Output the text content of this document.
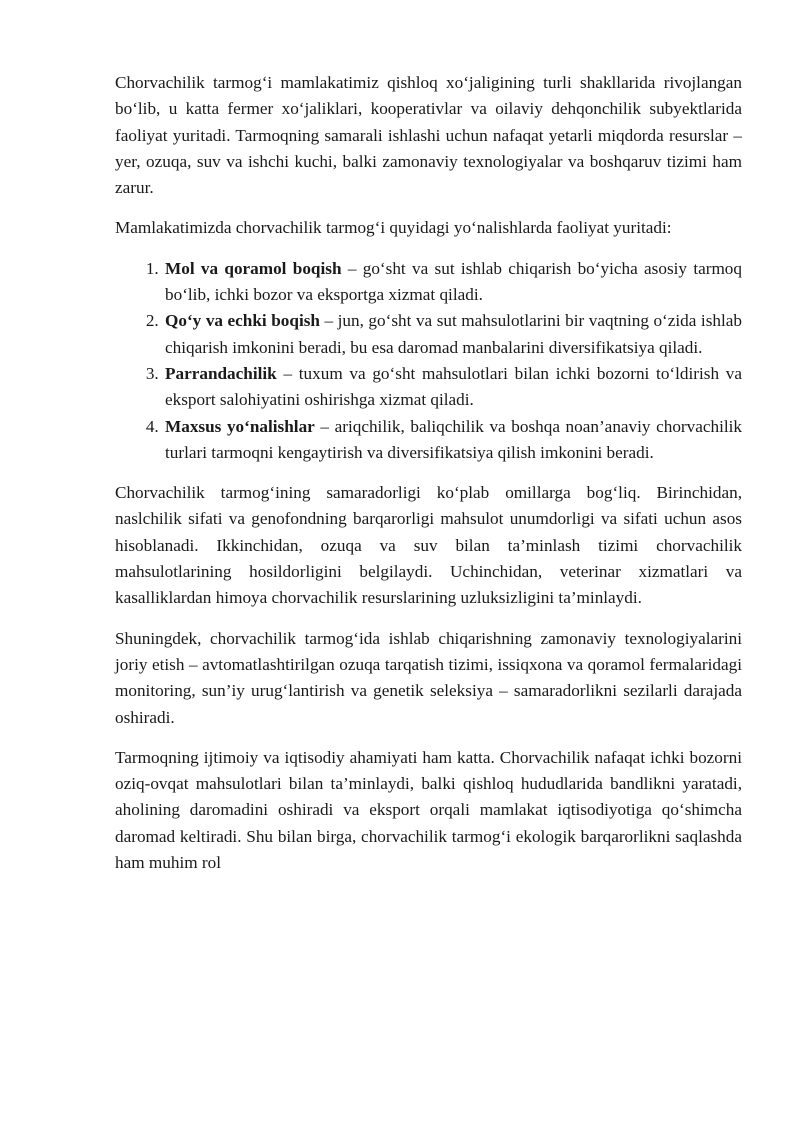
Chorvachilik tarmog‘i mamlakatimiz qishloq xo‘jaligining turli shakllarida rivojlangan bo‘lib, u katta fermer xo‘jaliklari, kooperativlar va oilaviy dehqonchilik subyektlarida faoliyat yuritadi. Tarmoqning samarali ishlashi uchun nafaqat yetarli miqdorda resurslar – yer, ozuqa, suv va ishchi kuchi, balki zamonaviy texnologiyalar va boshqaruv tizimi ham zarur.

Mamlakatimizda chorvachilik tarmog‘i quyidagi yo‘nalishlarda faoliyat yuritadi:

1. Mol va qoramol boqish – go‘sht va sut ishlab chiqarish bo‘yicha asosiy tarmoq bo‘lib, ichki bozor va eksportga xizmat qiladi.
2. Qo‘y va echki boqish – jun, go‘sht va sut mahsulotlarini bir vaqtning o‘zida ishlab chiqarish imkonini beradi, bu esa daromad manbalarini diversifikatsiya qiladi.
3. Parrandachilik – tuxum va go‘sht mahsulotlari bilan ichki bozorni to‘ldirish va eksport salohiyatini oshirishga xizmat qiladi.
4. Maxsus yo‘nalishlar – ariqchilik, baliqchilik va boshqa noan’anaviy chorvachilik turlari tarmoqni kengaytirish va diversifikatsiya qilish imkonini beradi.

Chorvachilik tarmog‘ining samaradorligi ko‘plab omillarga bog‘liq. Birinchidan, naslchilik sifati va genofondning barqarorligi mahsulot unumdorligi va sifati uchun asos hisoblanadi. Ikkinchidan, ozuqa va suv bilan ta’minlash tizimi chorvachilik mahsulotlarining hosildorligini belgilaydi. Uchinchidan, veterinar xizmatlari va kasalliklardan himoya chorvachilik resurslarining uzluksizligini ta’minlaydi.

Shuningdek, chorvachilik tarmog‘ida ishlab chiqarishning zamonaviy texnologiyalarini joriy etish – avtomatlashtirilgan ozuqa tarqatish tizimi, issiqxona va qoramol fermalaridagi monitoring, sun’iy urug‘lantirish va genetik seleksiya – samaradorlikni sezilarli darajada oshiradi.

Tarmoqning ijtimoiy va iqtisodiy ahamiyati ham katta. Chorvachilik nafaqat ichki bozorni oziq-ovqat mahsulotlari bilan ta’minlaydi, balki qishloq hududlarida bandlikni yaratadi, aholining daromadini oshiradi va eksport orqali mamlakat iqtisodiyotiga qo‘shimcha daromad keltiradi. Shu bilan birga, chorvachilik tarmog‘i ekologik barqarorlikni saqlashda ham muhim rol
